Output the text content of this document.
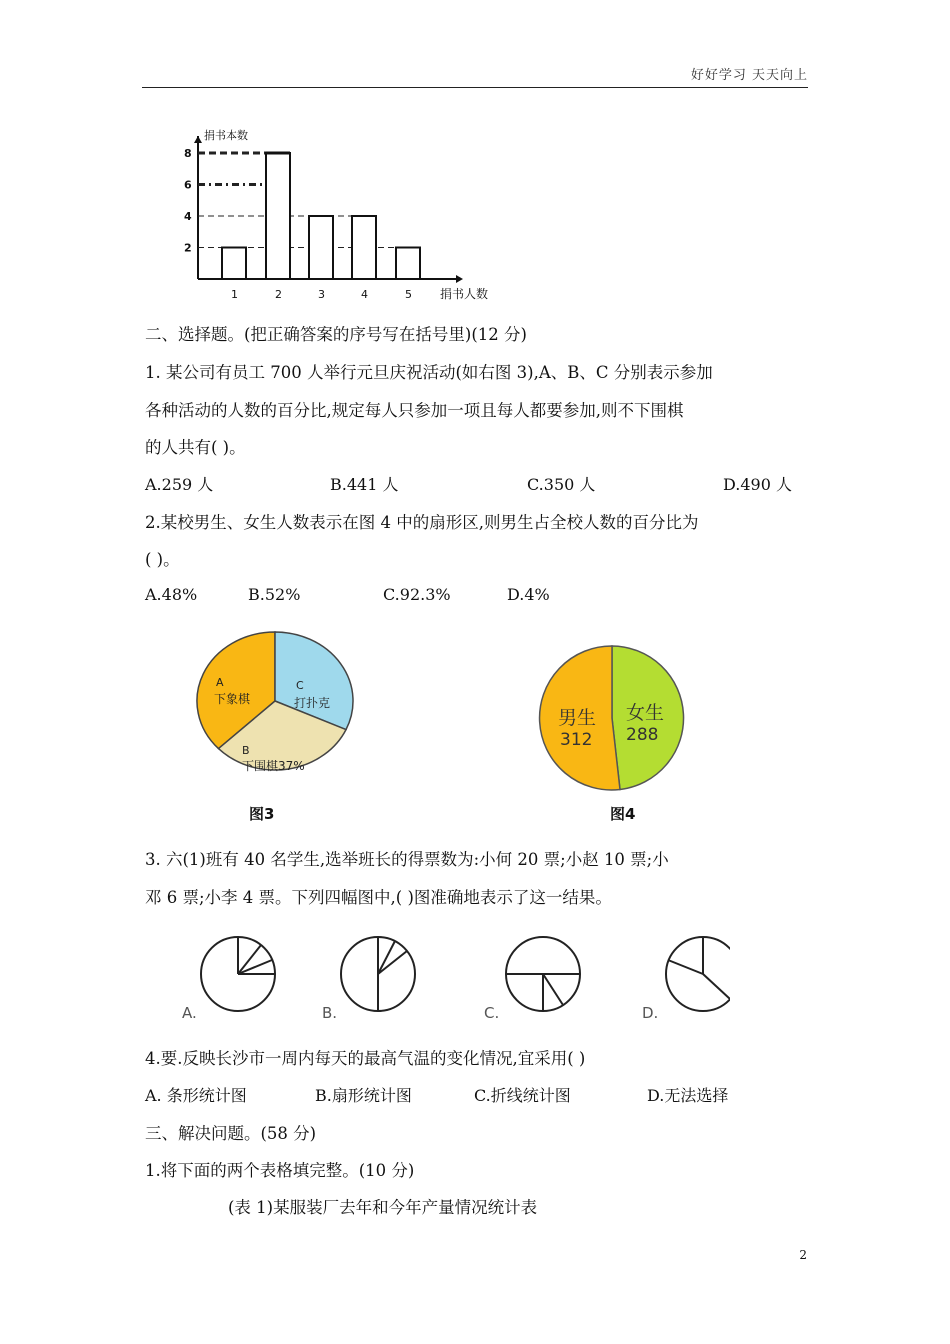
好好学习 天天向上
捐书本数
捐书人数
2
4
6
8
1	2	3	4	5
二、选择题。(把正确答案的序号写在括号里)(12 分)
1. 某公司有员工 700 人举行元旦庆祝活动(如右图 3),A、B、C 分别表示参加
各种活动的人数的百分比,规定每人只参加一项且每人都要参加,则不下围棋
的人共有( )。
A.259 人	B.441 人	C.350 人	D.490 人
2.某校男生、女生人数表示在图 4 中的扇形区,则男生占全校人数的百分比为
( )。
A.48%	B.52%	C.92.3%	D.4%
A
下象棋
C
打扑克
B
下围棋37%
图3
男生
312
女生
288
图4
3. 六(1)班有 40 名学生,选举班长的得票数为:小何 20 票;小赵 10 票;小
邓 6 票;小李 4 票。下列四幅图中,( )图准确地表示了这一结果。
A.	B.	C.	D.
4.要.反映长沙市一周内每天的最高气温的变化情况,宜采用( )
A. 条形统计图	B.扇形统计图	C.折线统计图	D.无法选择
三、解决问题。(58 分)
1.将下面的两个表格填完整。(10 分)
(表 1)某服装厂去年和今年产量情况统计表
2
